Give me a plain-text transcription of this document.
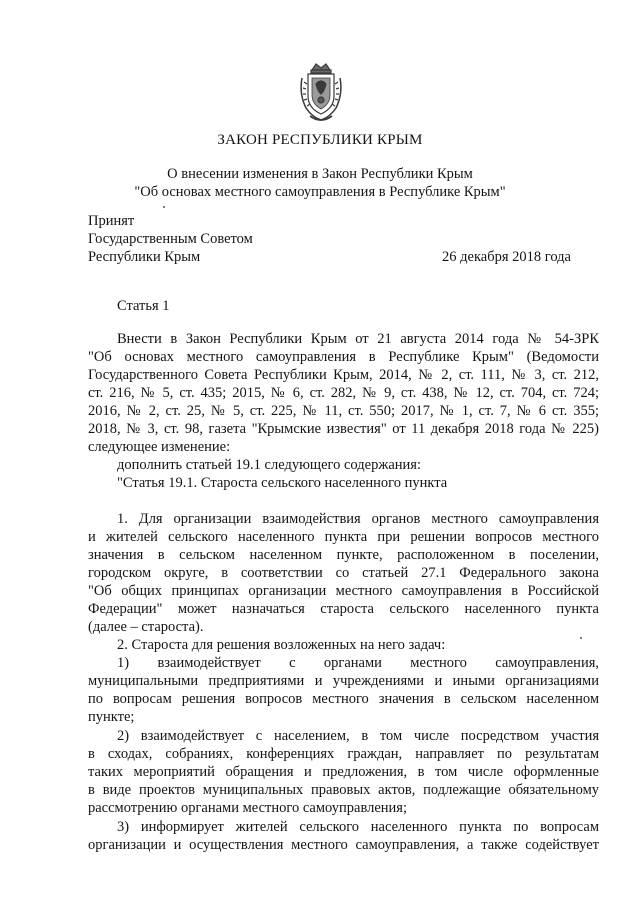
ЗАКОН РЕСПУБЛИКИ КРЫМ
О внесении изменения в Закон Республики Крым
"Об основах местного самоуправления в Республике Крым"
Принят
Государственным Советом
Республики Крым	26 декабря 2018 года
Статья 1
Внести в Закон Республики Крым от 21 августа 2014 года № 54-ЗРК
"Об основах местного самоуправления в Республике Крым" (Ведомости
Государственного Совета Республики Крым, 2014, № 2, ст. 111, № 3, ст. 212,
ст. 216, № 5, ст. 435; 2015, № 6, ст. 282, № 9, ст. 438, № 12, ст. 704, ст. 724;
2016, № 2, ст. 25, № 5, ст. 225, № 11, ст. 550; 2017, № 1, ст. 7, № 6 ст. 355;
2018, № 3, ст. 98, газета "Крымские известия" от 11 декабря 2018 года № 225)
следующее изменение:
дополнить статьей 19.1 следующего содержания:
"Статья 19.1. Староста сельского населенного пункта
1. Для организации взаимодействия органов местного самоуправления
и жителей сельского населенного пункта при решении вопросов местного
значения в сельском населенном пункте, расположенном в поселении,
городском округе, в соответствии со статьей 27.1 Федерального закона
"Об общих принципах организации местного самоуправления в Российской
Федерации" может назначаться староста сельского населенного пункта
(далее – староста).
2. Староста для решения возложенных на него задач:
1) взаимодействует с органами местного самоуправления,
муниципальными предприятиями и учреждениями и иными организациями
по вопросам решения вопросов местного значения в сельском населенном
пункте;
2) взаимодействует с населением, в том числе посредством участия
в сходах, собраниях, конференциях граждан, направляет по результатам
таких мероприятий обращения и предложения, в том числе оформленные
в виде проектов муниципальных правовых актов, подлежащие обязательному
рассмотрению органами местного самоуправления;
3) информирует жителей сельского населенного пункта по вопросам
организации и осуществления местного самоуправления, а также содействует
